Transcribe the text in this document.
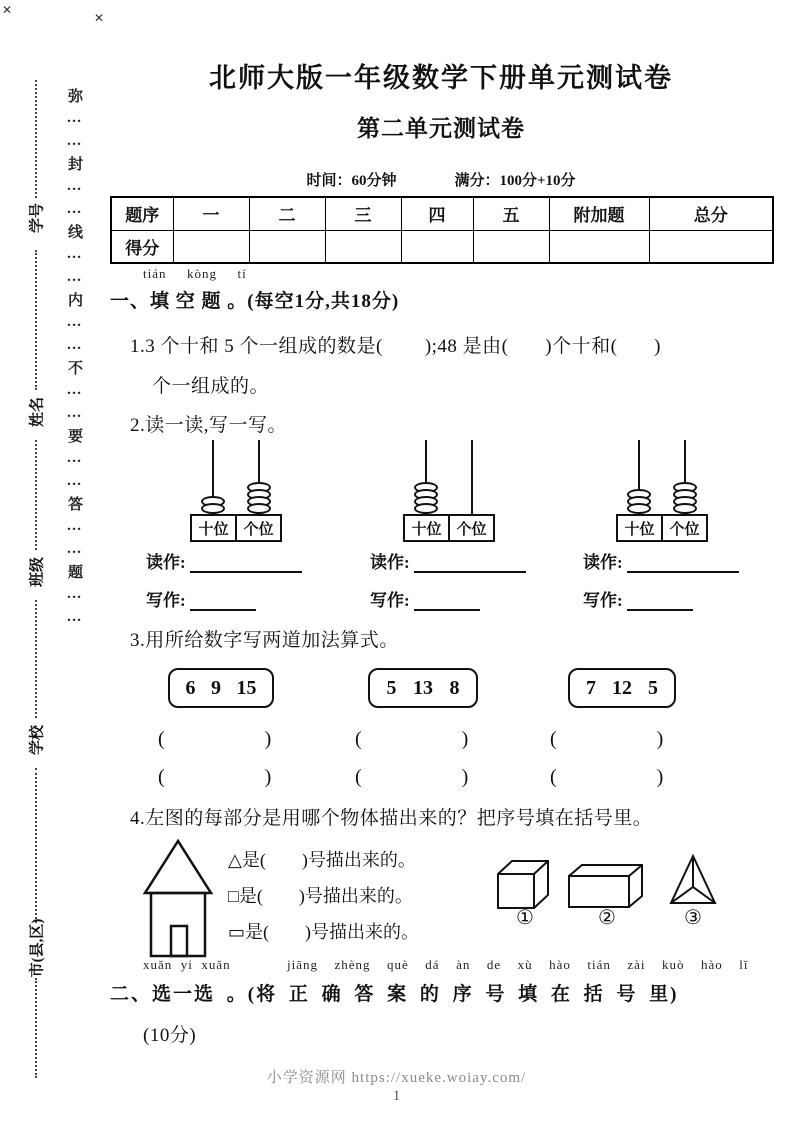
✕
✕
学号
姓名
班级
学校
市(县,区)
弥……封……线……内……不……要……答……题……
北师大版一年级数学下册单元测试卷
第二单元测试卷
时间：60分钟	满分：100分+10分
题序	一	二	三	四	五	附加题	总分
得分							
tián  kòng  tí
一、填 空 题 。(每空1分,共18分)
1.3 个十和 5 个一组成的数是(        );48 是由(       )个十和(       )
个一组成的。
2.读一读,写一写。
十位 个位	十位 个位	十位 个位
读作:	读作:	读作:
写作:	写作:	写作:
3.用所给数字写两道加法算式。
6 9 15	5 13 8	7 12 5
(　　　　　)	(　　　　　)	(　　　　　)
(　　　　　)	(　　　　　)	(　　　　　)
4.左图的每部分是用哪个物体描出来的？把序号填在括号里。
△是(　　)号描出来的。
□是(　　)号描出来的。
▭是(　　)号描出来的。
①	②	③
xuǎn  yi  xuǎn	jiāng  zhèng  què  dá  àn  de  xù  hào  tián  zài  kuò  hào  lǐ
二、选一选 。(将 正 确 答 案 的 序 号 填 在 括 号 里)
(10分)
小学资源网 https://xueke.woiay.com/
1
